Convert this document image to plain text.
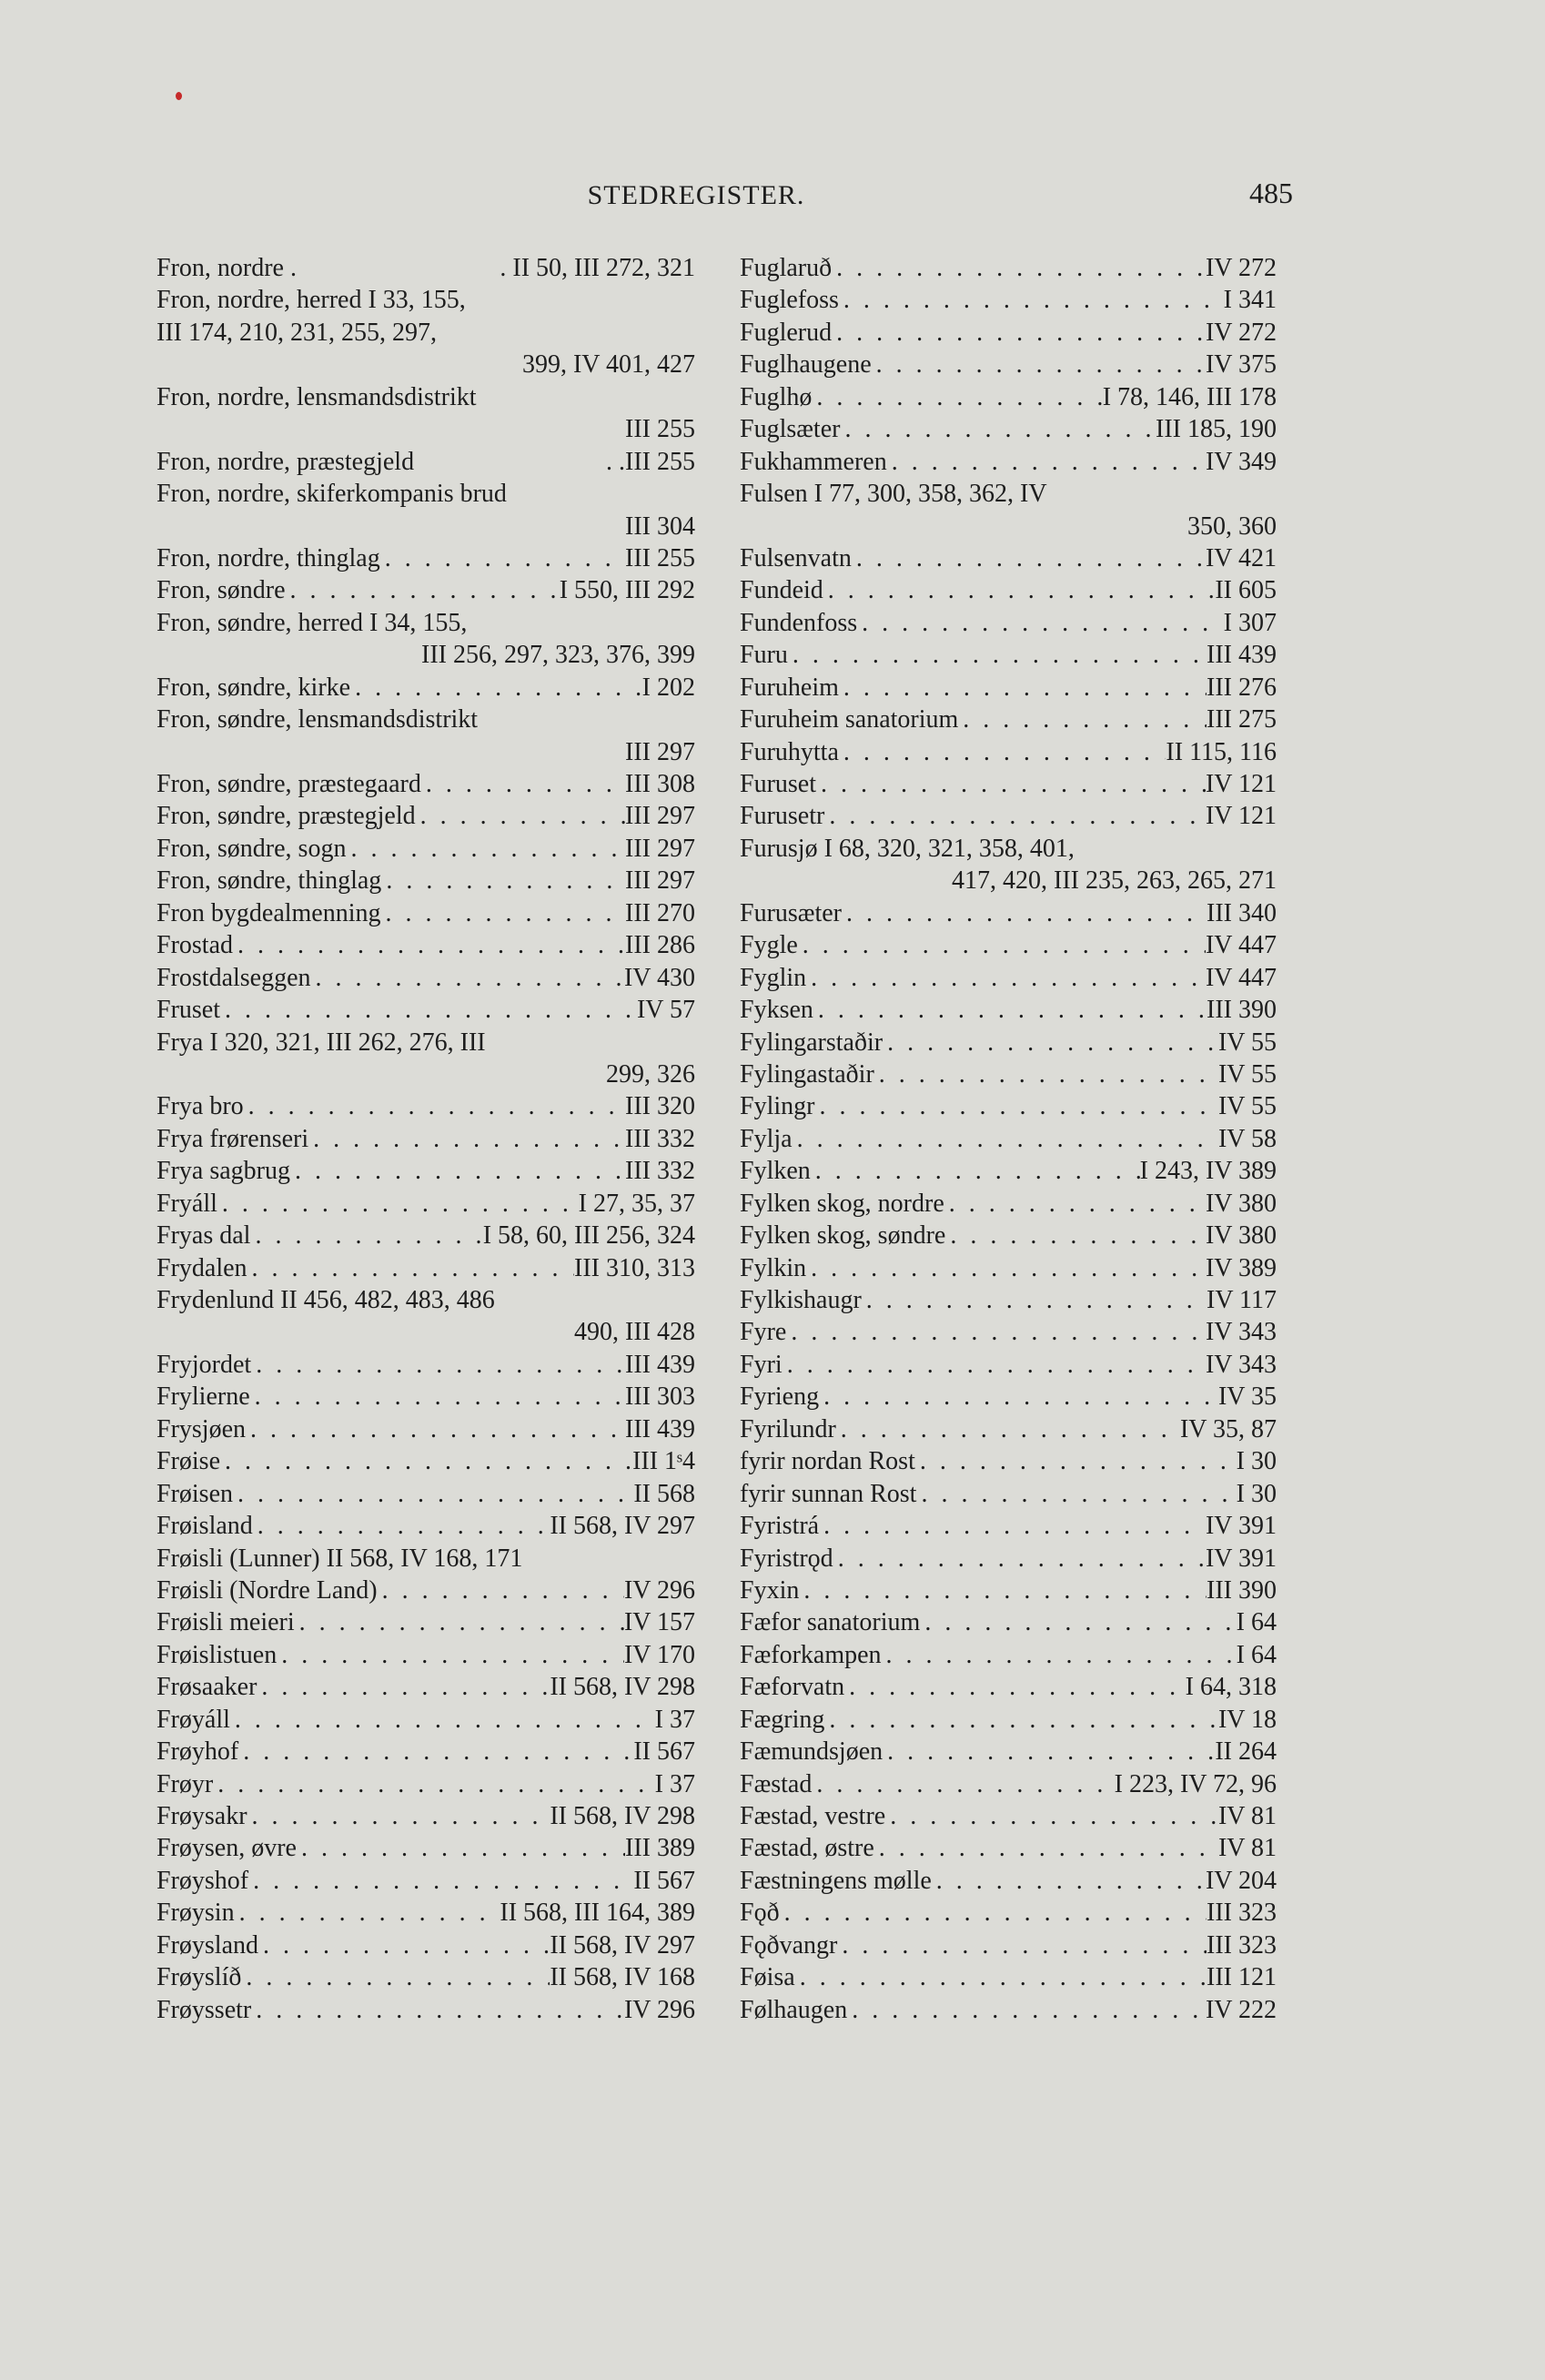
STEDREGISTER.	485
Fron, nordre .	. II 50, III 272, 321
Fron, nordre, herred I 33, 155,
III 174, 210, 231, 255, 297,
399, IV 401, 427
Fron, nordre, lensmandsdistrikt
III 255
Fron, nordre, præstegjeld	. .III 255
Fron, nordre, skiferkompanis brud
III 304
Fron, nordre, thinglag . . .	III 255
Fron, søndre . . .	I 550, III 292
Fron, søndre, herred I 34, 155,
III 256, 297, 323, 376, 399
Fron, søndre, kirke . . .	I 202
Fron, søndre, lensmandsdistrikt
III 297
Fron, søndre, præstegaard . . .	III 308
Fron, søndre, præstegjeld . . .	III 297
Fron, søndre, sogn . . .	III 297
Fron, søndre, thinglag . . .	III 297
Fron bygdealmenning . . .	III 270
Frostad . . .	III 286
Frostdalseggen . . .	IV 430
Fruset . . .	IV 57
Frya I 320, 321, III 262, 276, III
299, 326
Frya bro . . .	III 320
Frya frørenseri . . .	III 332
Frya sagbrug . . .	III 332
Fryáll . . .	I 27, 35, 37
Fryas dal . . .	I 58, 60, III 256, 324
Frydalen . . .	III 310, 313
Frydenlund II 456, 482, 483, 486
490, III 428
Fryjordet . . .	III 439
Frylierne . . .	III 303
Frysjøen . . .	III 439
Frøise . . .	III 1ˢ4
Frøisen . . .	II 568
Frøisland . . .	II 568, IV 297
Frøisli (Lunner) II 568, IV 168, 171
Frøisli (Nordre Land) . . .	IV 296
Frøisli meieri . . .	IV 157
Frøislistuen . . .	IV 170
Frøsaaker . . .	II 568, IV 298
Frøyáll . . .	I 37
Frøyhof . . .	II 567
Frøyr . . .	I 37
Frøysakr . . .	II 568, IV 298
Frøysen, øvre . . .	III 389
Frøyshof . . .	II 567
Frøysin . . .	II 568, III 164, 389
Frøysland . . .	II 568, IV 297
Frøyslíð . . .	II 568, IV 168
Frøyssetr . . .	IV 296
Fuglaruð . . .	IV 272
Fuglefoss . . .	I 341
Fuglerud . . .	IV 272
Fuglhaugene . . .	IV 375
Fuglhø . . .	I 78, 146, III 178
Fuglsæter . . .	III 185, 190
Fukhammeren . . .	IV 349
Fulsen I 77, 300, 358, 362, IV
350, 360
Fulsenvatn . . .	IV 421
Fundeid . . .	II 605
Fundenfoss . . .	I 307
Furu . . .	III 439
Furuheim . . .	III 276
Furuheim sanatorium . . .	III 275
Furuhytta . . .	II 115, 116
Furuset . . .	IV 121
Furusetr . . .	IV 121
Furusjø I 68, 320, 321, 358, 401,
417, 420, III 235, 263, 265, 271
Furusæter . . .	III 340
Fygle . . .	IV 447
Fyglin . . .	IV 447
Fyksen . . .	III 390
Fylingarstaðir . . .	IV 55
Fylingastaðir . . .	IV 55
Fylingr . . .	IV 55
Fylja . . .	IV 58
Fylken . . .	I 243, IV 389
Fylken skog, nordre . . .	IV 380
Fylken skog, søndre . . .	IV 380
Fylkin . . .	IV 389
Fylkishaugr . . .	IV 117
Fyre . . .	IV 343
Fyri . . .	IV 343
Fyrieng . . .	IV 35
Fyrilundr . . .	IV 35, 87
fyrir nordan Rost . . .	I 30
fyrir sunnan Rost . . .	I 30
Fyristrá . . .	IV 391
Fyristrǫd . . .	IV 391
Fyxin . . .	III 390
Fæfor sanatorium . . .	I 64
Fæforkampen . . .	I 64
Fæforvatn . . .	I 64, 318
Fægring . . .	IV 18
Fæmundsjøen . . .	II 264
Fæstad . . .	I 223, IV 72, 96
Fæstad, vestre . . .	IV 81
Fæstad, østre . . .	IV 81
Fæstningens mølle . . .	IV 204
Fǫð . . .	III 323
Fǫðvangr . . .	III 323
Føisa . . .	III 121
Følhaugen . . .	IV 222
